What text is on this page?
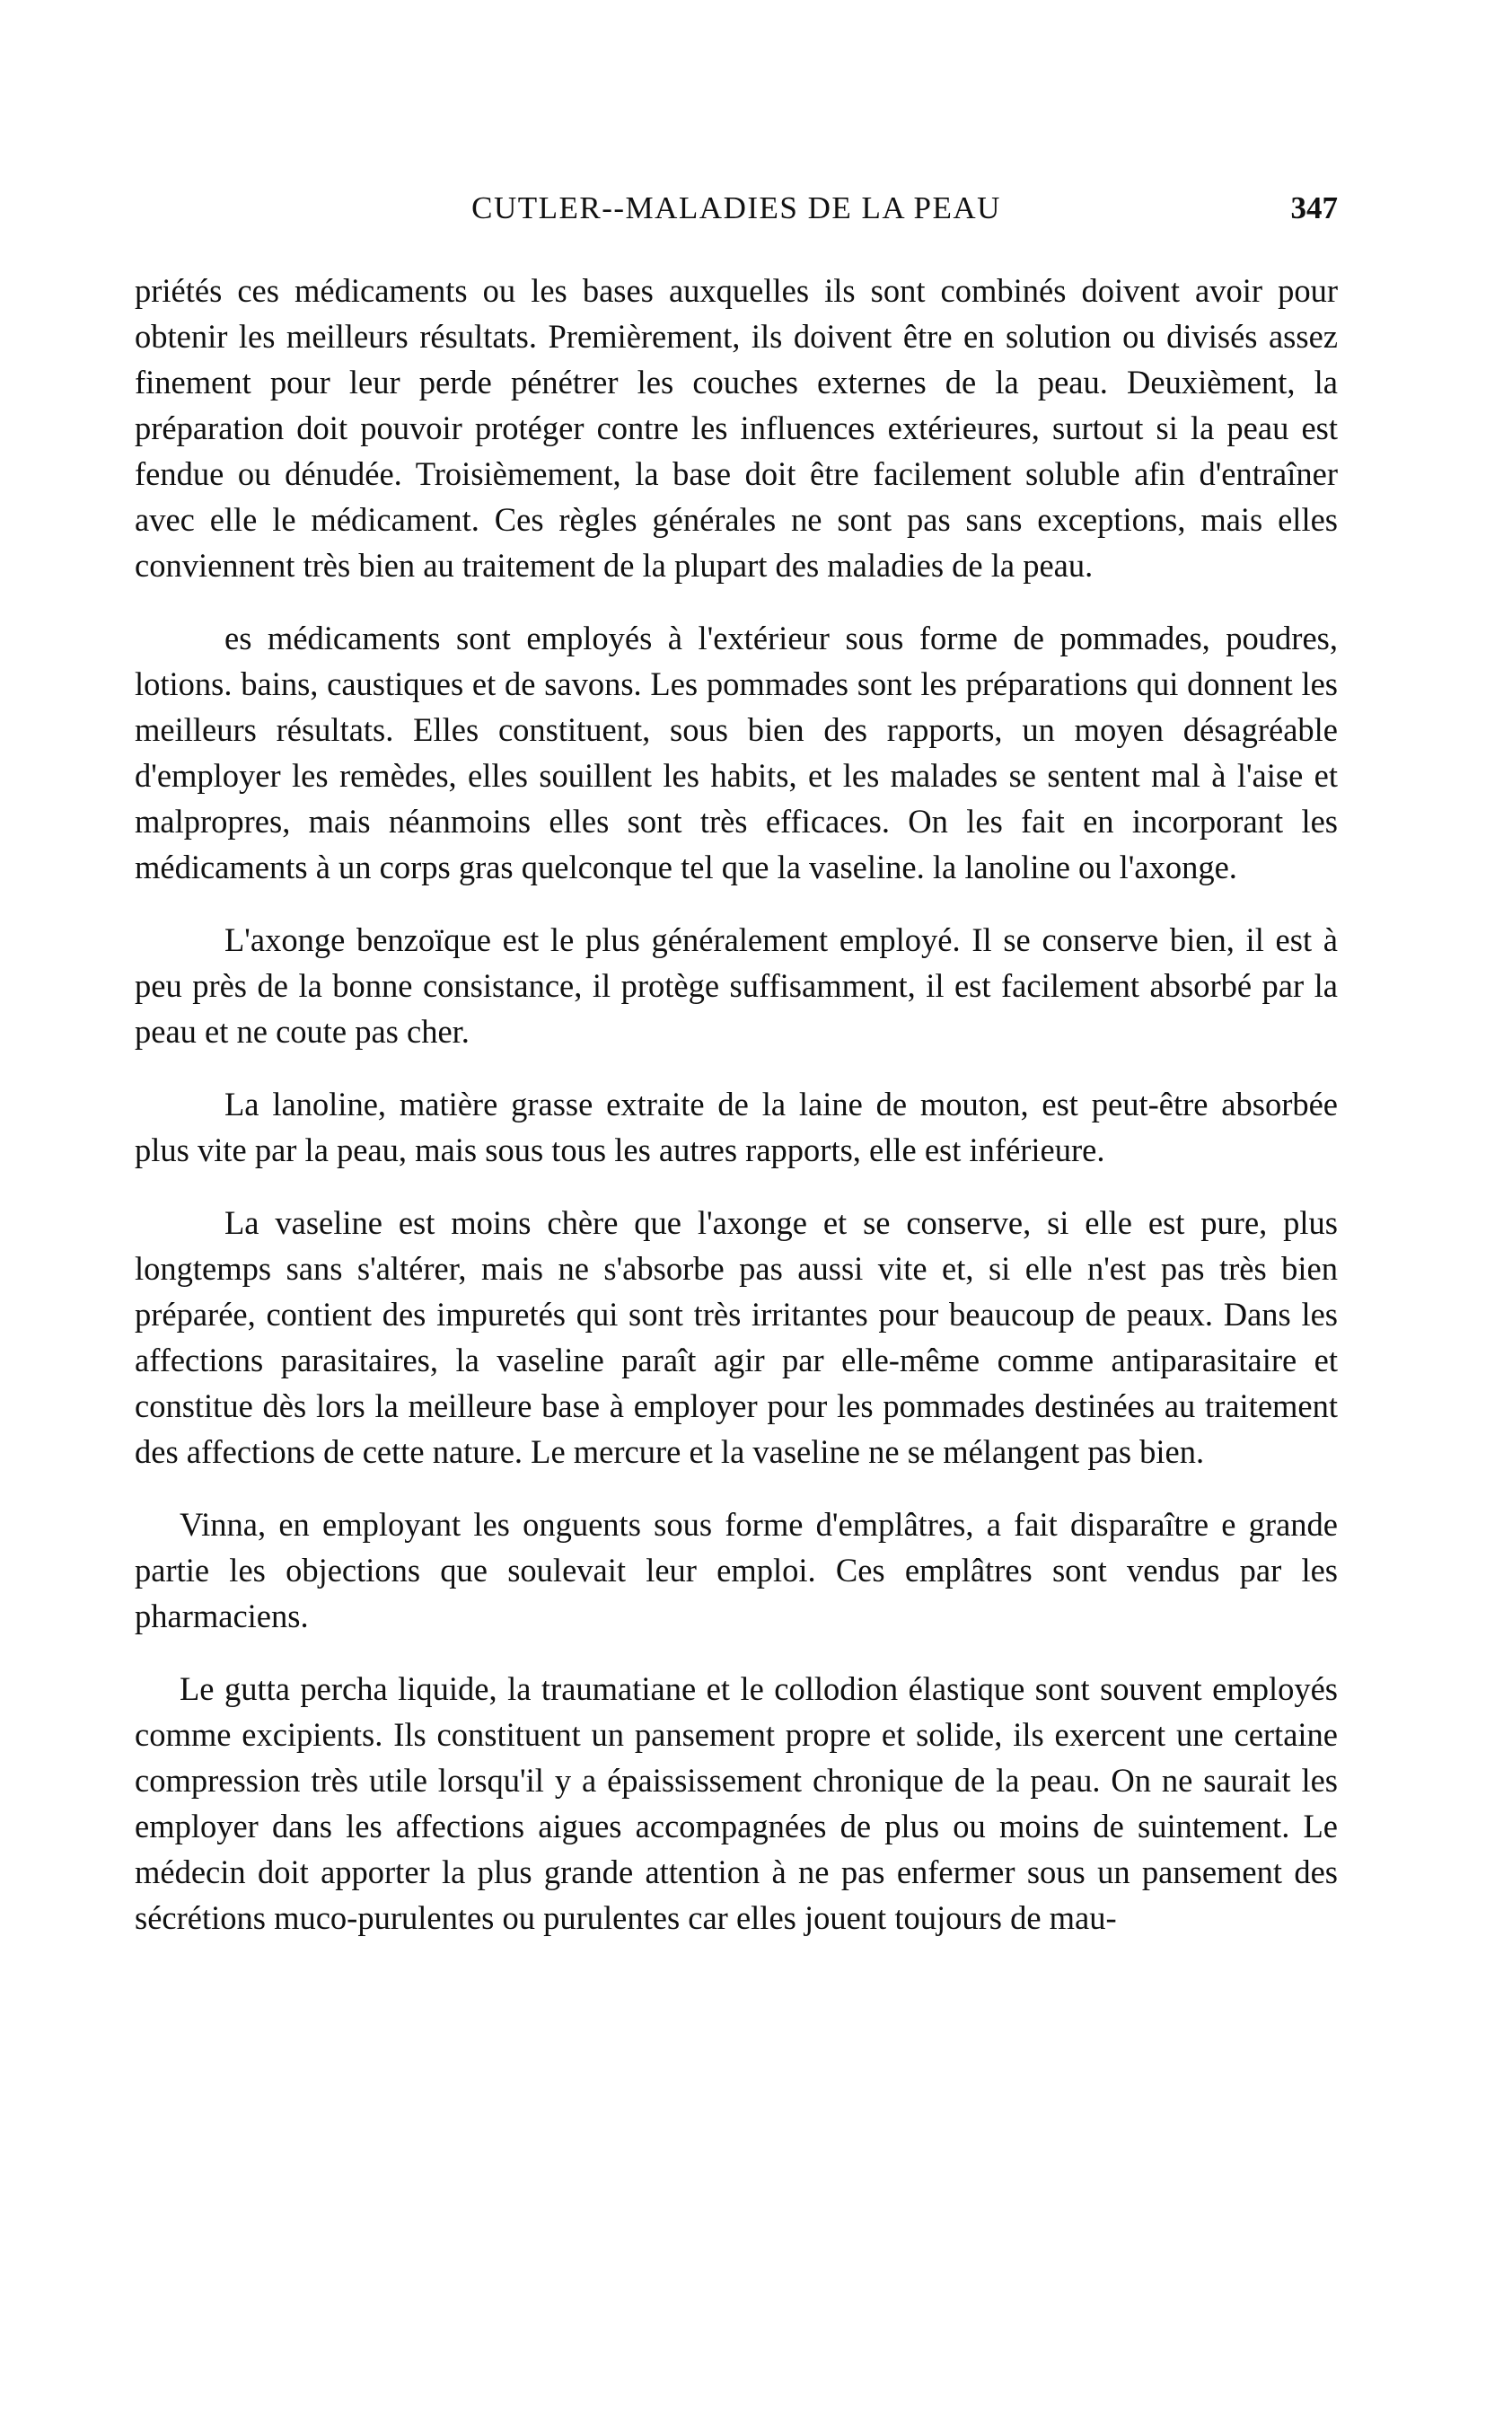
CUTLER--MALADIES DE LA PEAU	347

priétés ces médicaments ou les bases auxquelles ils sont combinés doivent avoir pour obtenir les meilleurs résultats. Premièrement, ils doivent être en solution ou divisés assez finement pour leur perde pénétrer les couches externes de la peau. Deuxièment, la préparation doit pouvoir protéger contre les influences extérieures, surtout si la peau est fendue ou dénudée. Troisièmement, la base doit être facilement soluble afin d'entraîner avec elle le médicament. Ces règles générales ne sont pas sans exceptions, mais elles conviennent très bien au traitement de la plupart des maladies de la peau.

es médicaments sont employés à l'extérieur sous forme de pommades, poudres, lotions. bains, caustiques et de savons. Les pommades sont les préparations qui donnent les meilleurs résultats. Elles constituent, sous bien des rapports, un moyen désagréable d'employer les remèdes, elles souillent les habits, et les malades se sentent mal à l'aise et malpropres, mais néanmoins elles sont très efficaces. On les fait en incorporant les médicaments à un corps gras quelconque tel que la vaseline. la lanoline ou l'axonge.

L'axonge benzoïque est le plus généralement employé. Il se conserve bien, il est à peu près de la bonne consistance, il protège suffisamment, il est facilement absorbé par la peau et ne coute pas cher.

La lanoline, matière grasse extraite de la laine de mouton, est peut-être absorbée plus vite par la peau, mais sous tous les autres rapports, elle est inférieure.

La vaseline est moins chère que l'axonge et se conserve, si elle est pure, plus longtemps sans s'altérer, mais ne s'absorbe pas aussi vite et, si elle n'est pas très bien préparée, contient des impuretés qui sont très irritantes pour beaucoup de peaux. Dans les affections parasitaires, la vaseline paraît agir par elle-même comme antiparasitaire et constitue dès lors la meilleure base à employer pour les pommades destinées au traitement des affections de cette nature. Le mercure et la vaseline ne se mélangent pas bien.

Vinna, en employant les onguents sous forme d'emplâtres, a fait disparaître e grande partie les objections que soulevait leur emploi. Ces emplâtres sont vendus par les pharmaciens.

Le gutta percha liquide, la traumatiane et le collodion élastique sont souvent employés comme excipients. Ils constituent un pansement propre et solide, ils exercent une certaine compression très utile lorsqu'il y a épaississement chronique de la peau. On ne saurait les employer dans les affections aigues accompagnées de plus ou moins de suintement. Le médecin doit apporter la plus grande attention à ne pas enfermer sous un pansement des sécrétions muco-purulentes ou purulentes car elles jouent toujours de mau-
